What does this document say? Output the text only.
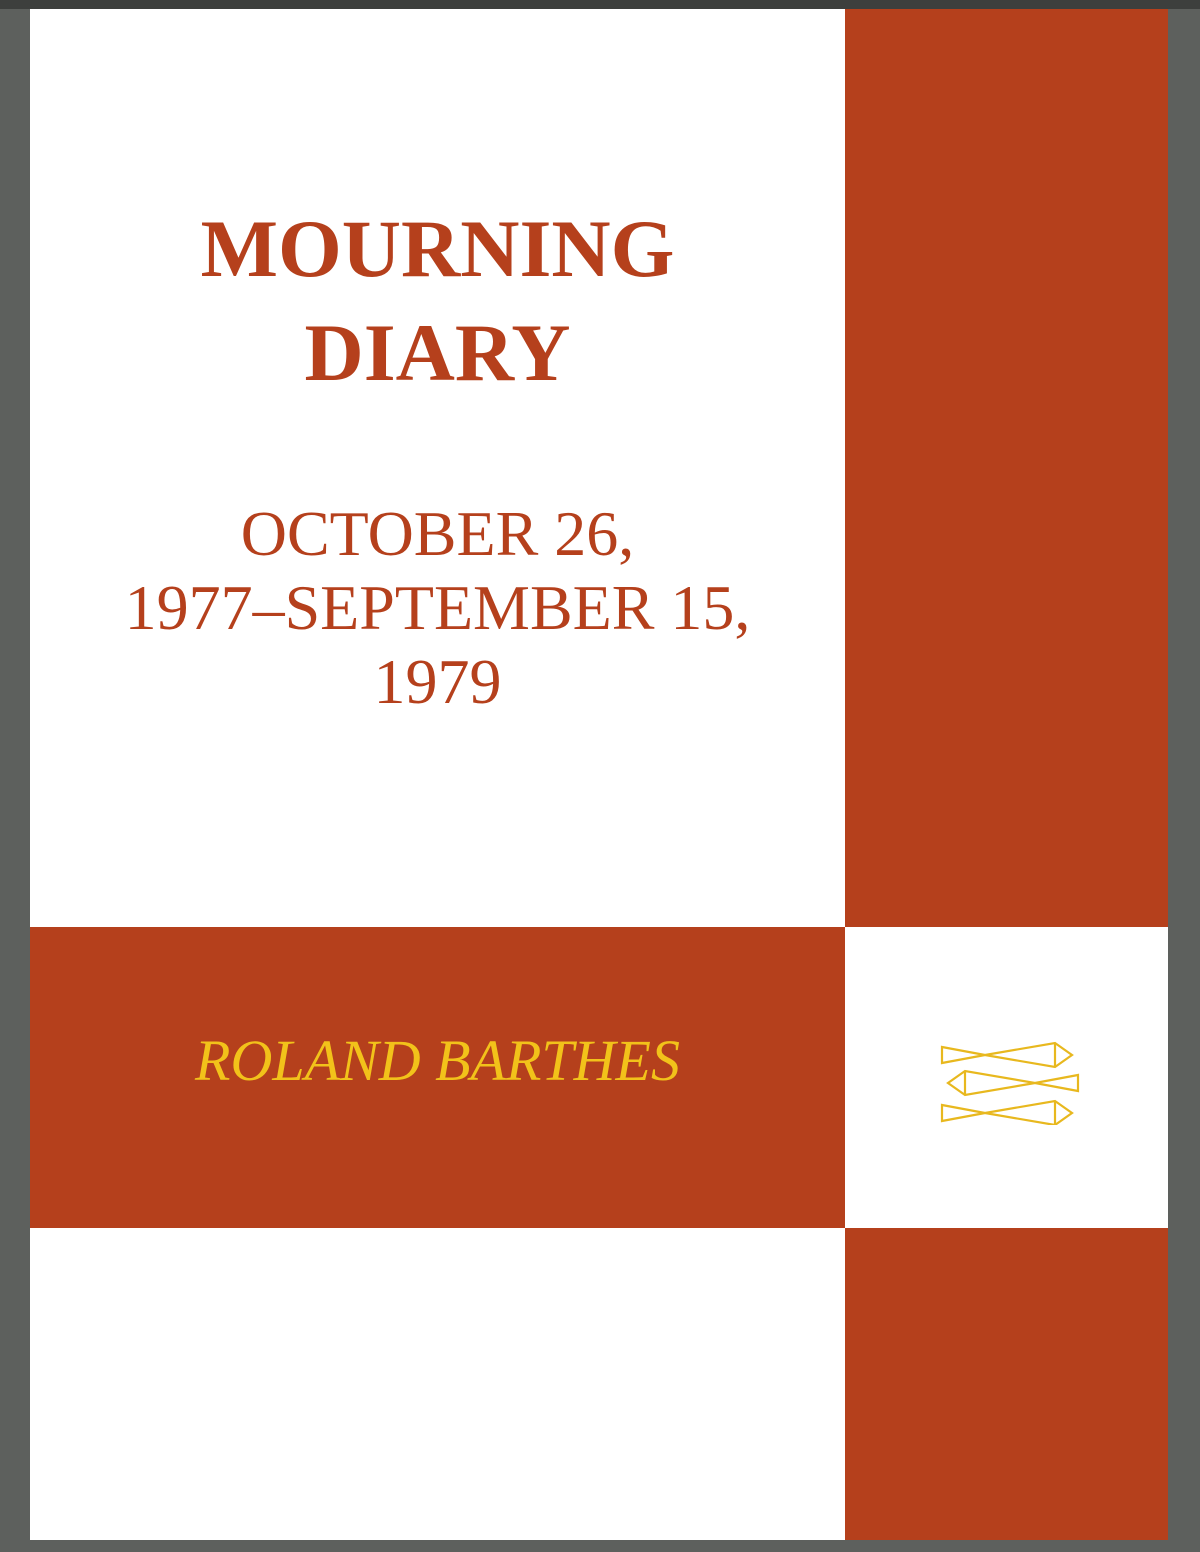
MOURNING
DIARY
OCTOBER 26,
1977–SEPTEMBER 15,
1979
ROLAND BARTHES
